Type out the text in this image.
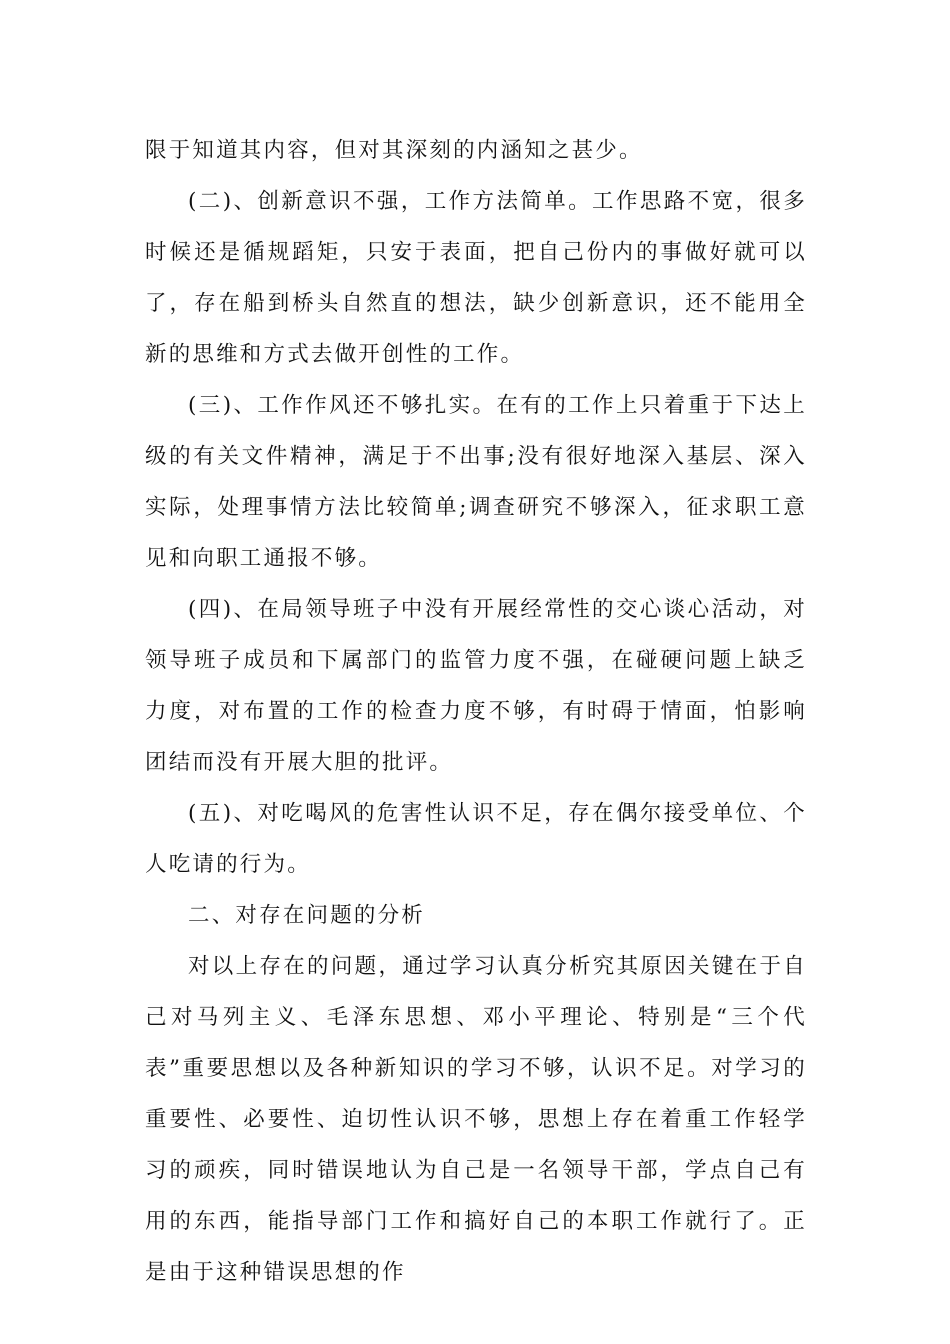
限于知道其内容，但对其深刻的内涵知之甚少。

(二)、创新意识不强，工作方法简单。工作思路不宽，很多时候还是循规蹈矩，只安于表面，把自己份内的事做好就可以了，存在船到桥头自然直的想法，缺少创新意识，还不能用全新的思维和方式去做开创性的工作。

(三)、工作作风还不够扎实。在有的工作上只着重于下达上级的有关文件精神，满足于不出事;没有很好地深入基层、深入实际，处理事情方法比较简单;调查研究不够深入，征求职工意见和向职工通报不够。

(四)、在局领导班子中没有开展经常性的交心谈心活动，对领导班子成员和下属部门的监管力度不强，在碰硬问题上缺乏力度，对布置的工作的检查力度不够，有时碍于情面，怕影响团结而没有开展大胆的批评。

(五)、对吃喝风的危害性认识不足，存在偶尔接受单位、个人吃请的行为。

二、对存在问题的分析

对以上存在的问题，通过学习认真分析究其原因关键在于自己对马列主义、毛泽东思想、邓小平理论、特别是“三个代表”重要思想以及各种新知识的学习不够，认识不足。对学习的重要性、必要性、迫切性认识不够，思想上存在着重工作轻学习的顽疾，同时错误地认为自己是一名领导干部，学点自己有用的东西，能指导部门工作和搞好自己的本职工作就行了。正是由于这种错误思想的作
